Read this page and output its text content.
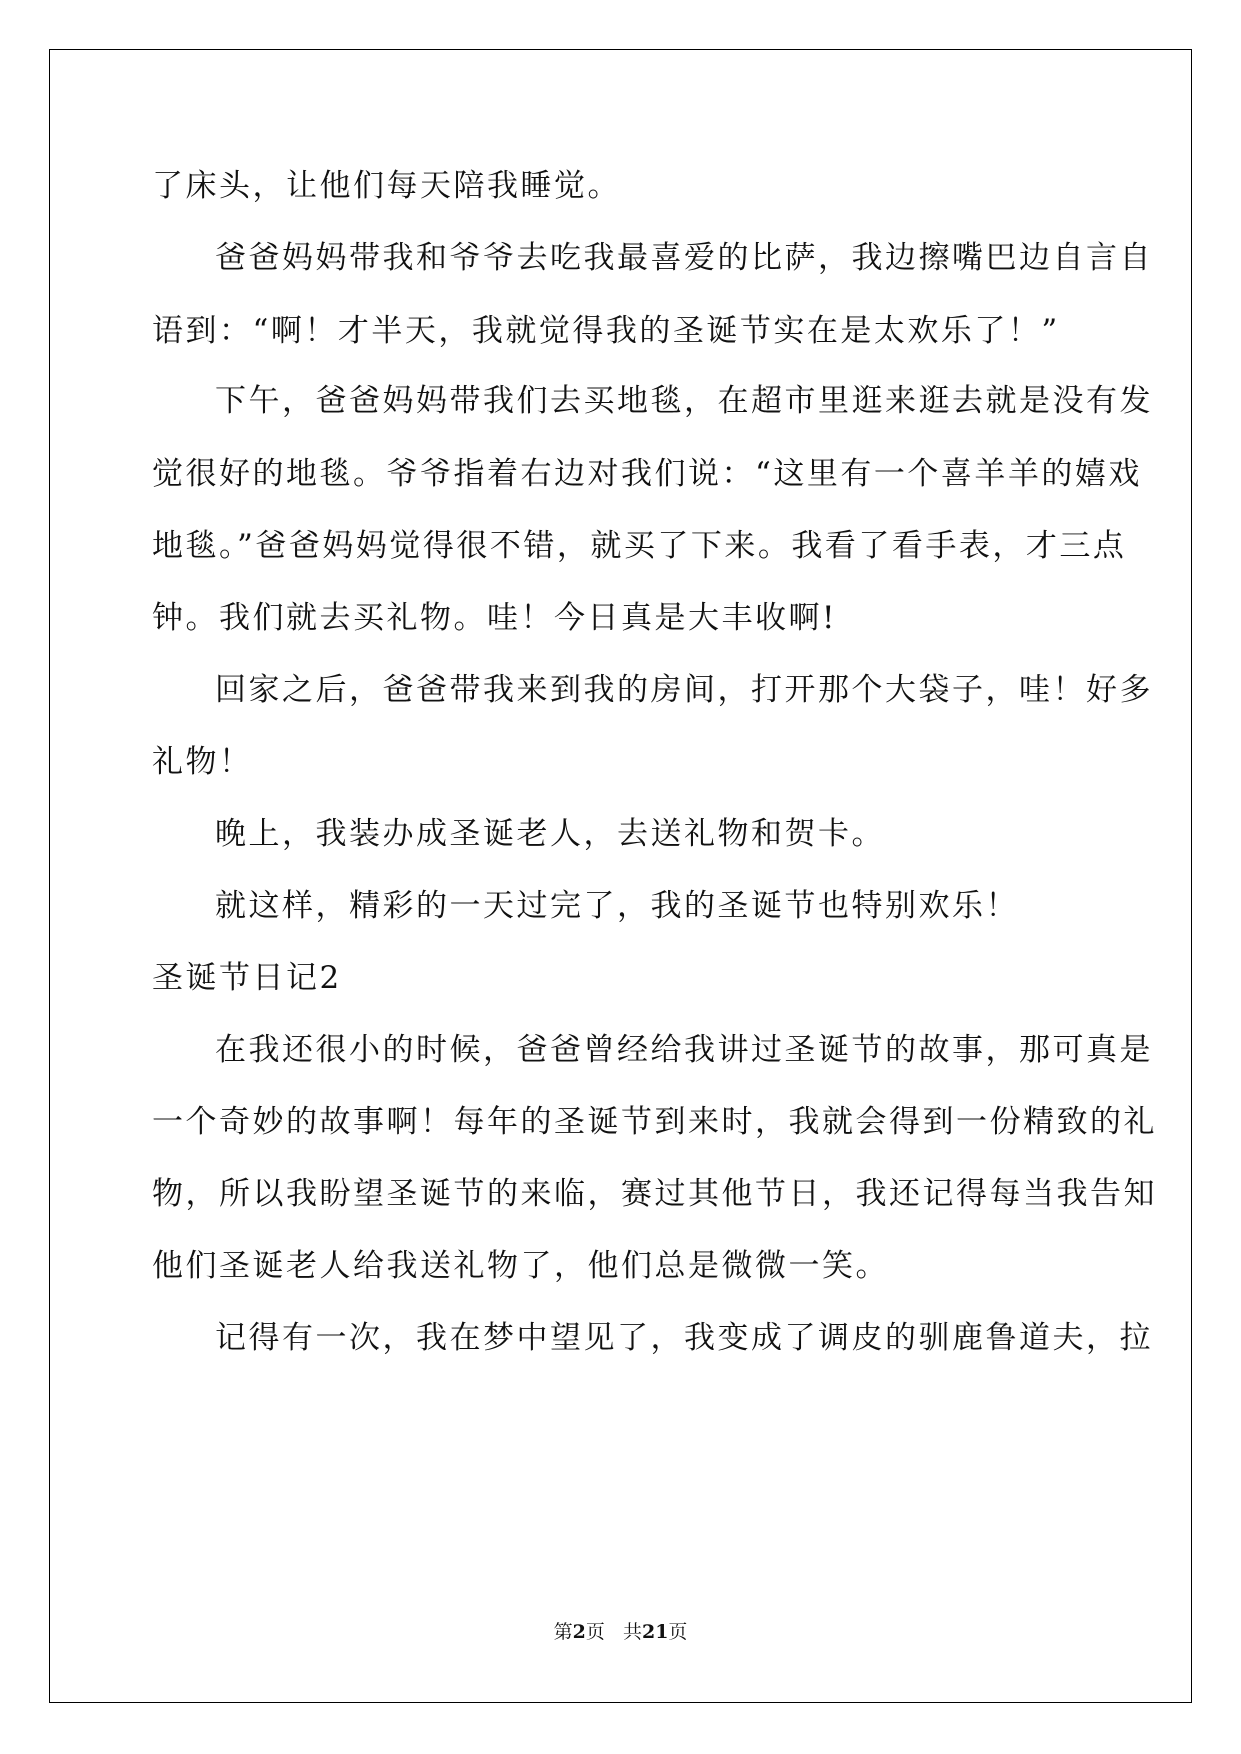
了床头，让他们每天陪我睡觉。
爸爸妈妈带我和爷爷去吃我最喜爱的比萨，我边擦嘴巴边自言自
语到：“啊！才半天，我就觉得我的圣诞节实在是太欢乐了！”
下午，爸爸妈妈带我们去买地毯，在超市里逛来逛去就是没有发
觉很好的地毯。爷爷指着右边对我们说：“这里有一个喜羊羊的嬉戏
地毯。”爸爸妈妈觉得很不错，就买了下来。我看了看手表，才三点
钟。我们就去买礼物。哇！今日真是大丰收啊!
回家之后，爸爸带我来到我的房间，打开那个大袋子，哇！好多
礼物！
晚上，我装办成圣诞老人，去送礼物和贺卡。
就这样，精彩的一天过完了，我的圣诞节也特别欢乐！
圣诞节日记2
在我还很小的时候，爸爸曾经给我讲过圣诞节的故事，那可真是
一个奇妙的故事啊！每年的圣诞节到来时，我就会得到一份精致的礼
物，所以我盼望圣诞节的来临，赛过其他节日，我还记得每当我告知
他们圣诞老人给我送礼物了，他们总是微微一笑。
记得有一次，我在梦中望见了，我变成了调皮的驯鹿鲁道夫，拉
第2页 共21页
